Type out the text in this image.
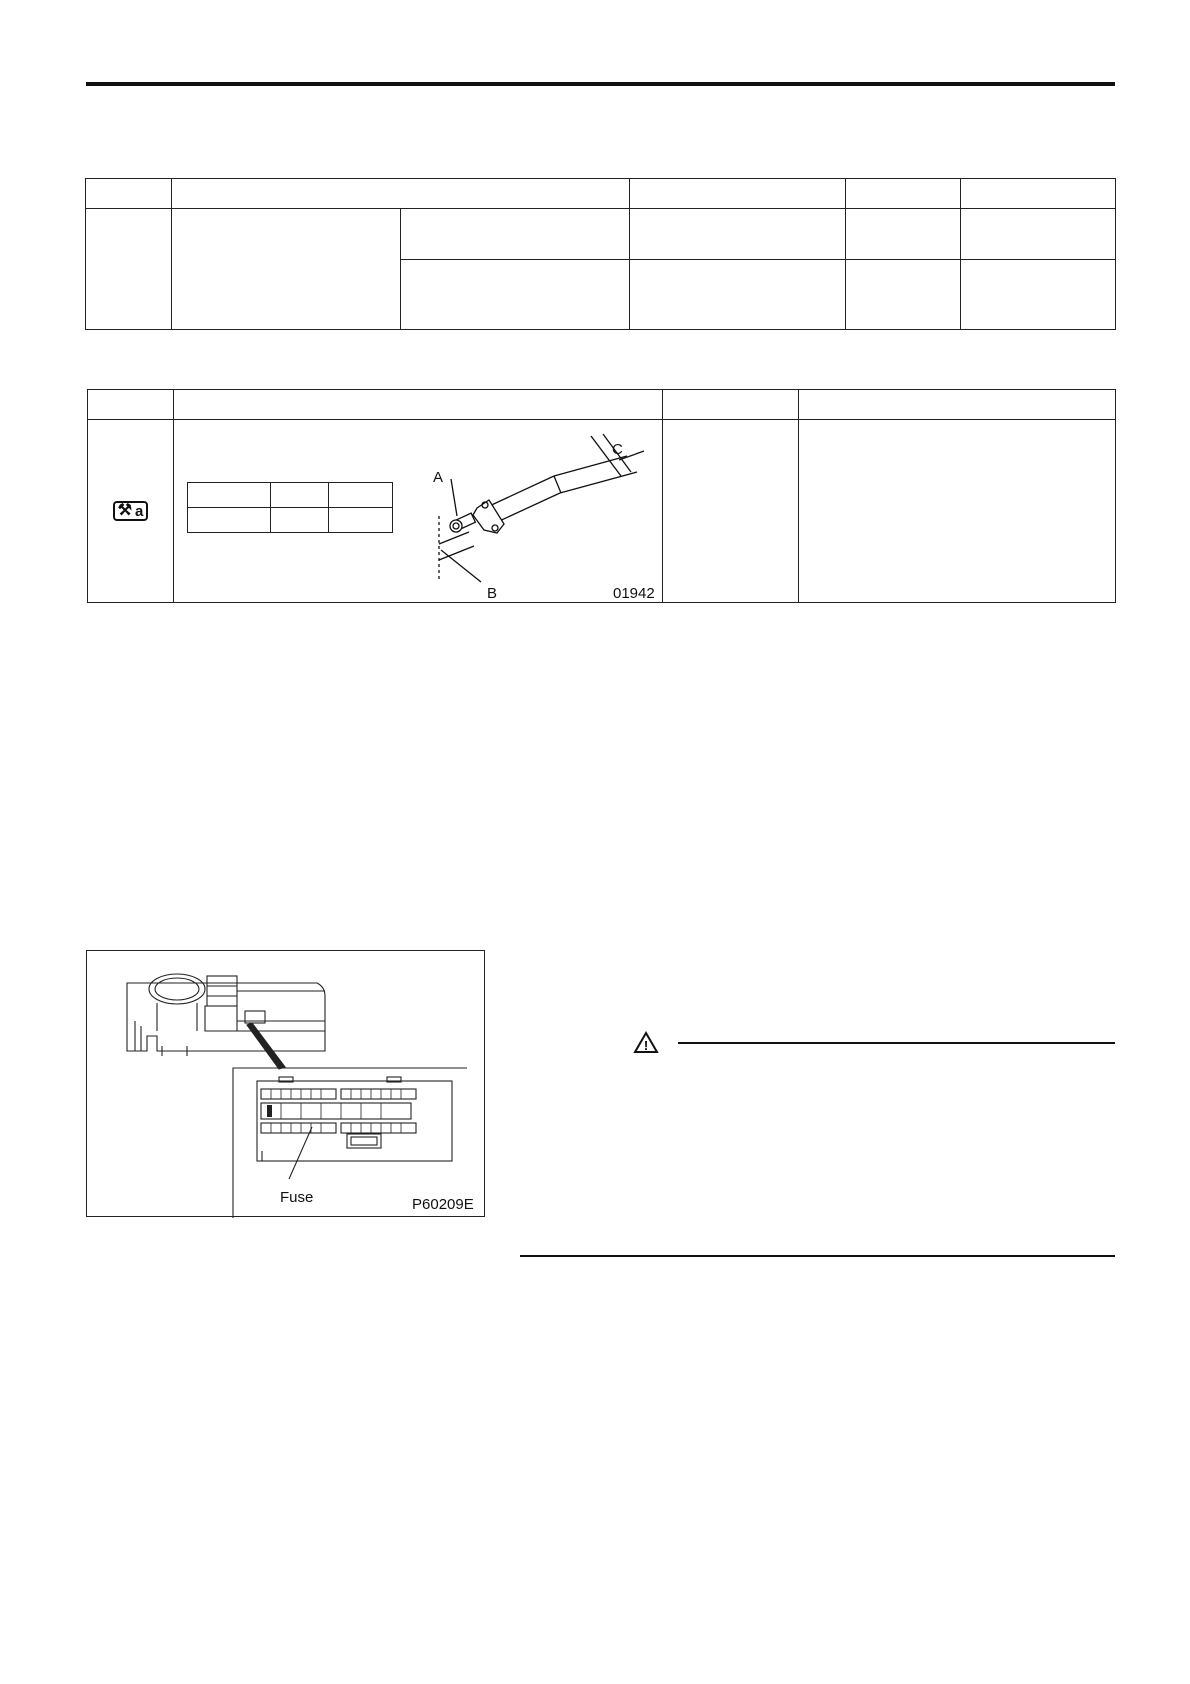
⚒ a

A
B
C
01942

Fuse	P60209E
!
